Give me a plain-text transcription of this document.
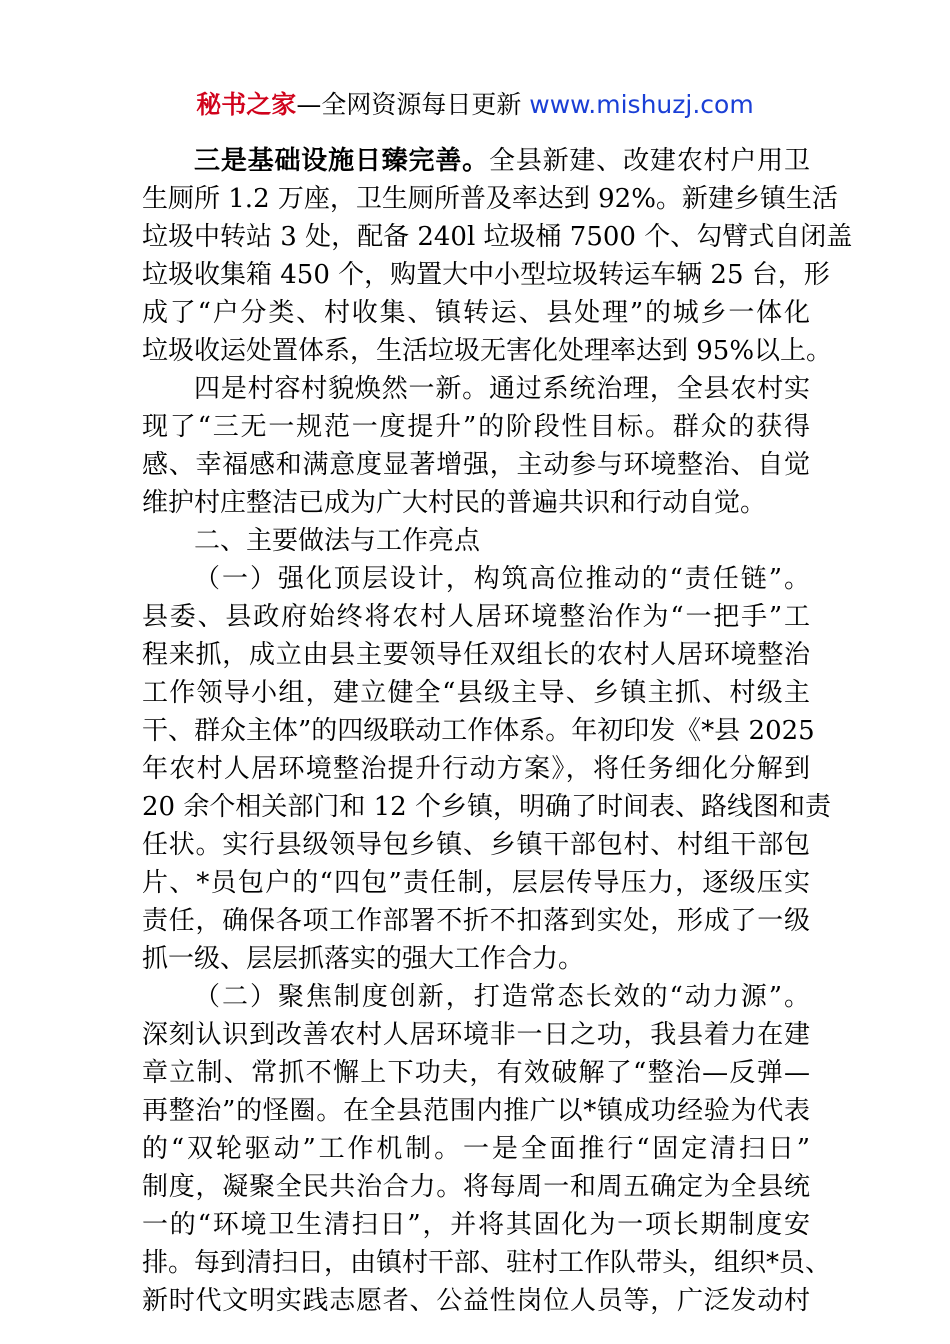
秘书之家—全网资源每日更新 www.mishuzj.com
三是基础设施日臻完善。全县新建、改建农村户用卫
生厕所 1.2 万座，卫生厕所普及率达到 92%。新建乡镇生活
垃圾中转站 3 处，配备 240l 垃圾桶 7500 个、勾臂式自闭盖
垃圾收集箱 450 个，购置大中小型垃圾转运车辆 25 台，形
成了“户分类、村收集、镇转运、县处理”的城乡一体化
垃圾收运处置体系，生活垃圾无害化处理率达到 95%以上。
四是村容村貌焕然一新。通过系统治理，全县农村实
现了“三无一规范一度提升”的阶段性目标。群众的获得
感、幸福感和满意度显著增强，主动参与环境整治、自觉
维护村庄整洁已成为广大村民的普遍共识和行动自觉。
二、主要做法与工作亮点
（一）强化顶层设计，构筑高位推动的“责任链”。
县委、县政府始终将农村人居环境整治作为“一把手”工
程来抓，成立由县主要领导任双组长的农村人居环境整治
工作领导小组，建立健全“县级主导、乡镇主抓、村级主
干、群众主体”的四级联动工作体系。年初印发《*县 2025
年农村人居环境整治提升行动方案》，将任务细化分解到
20 余个相关部门和 12 个乡镇，明确了时间表、路线图和责
任状。实行县级领导包乡镇、乡镇干部包村、村组干部包
片、*员包户的“四包”责任制，层层传导压力，逐级压实
责任，确保各项工作部署不折不扣落到实处，形成了一级
抓一级、层层抓落实的强大工作合力。
（二）聚焦制度创新，打造常态长效的“动力源”。
深刻认识到改善农村人居环境非一日之功，我县着力在建
章立制、常抓不懈上下功夫，有效破解了“整治—反弹—
再整治”的怪圈。在全县范围内推广以*镇成功经验为代表
的“双轮驱动”工作机制。一是全面推行“固定清扫日”
制度，凝聚全民共治合力。将每周一和周五确定为全县统
一的“环境卫生清扫日”，并将其固化为一项长期制度安
排。每到清扫日，由镇村干部、驻村工作队带头，组织*员、
新时代文明实践志愿者、公益性岗位人员等，广泛发动村
